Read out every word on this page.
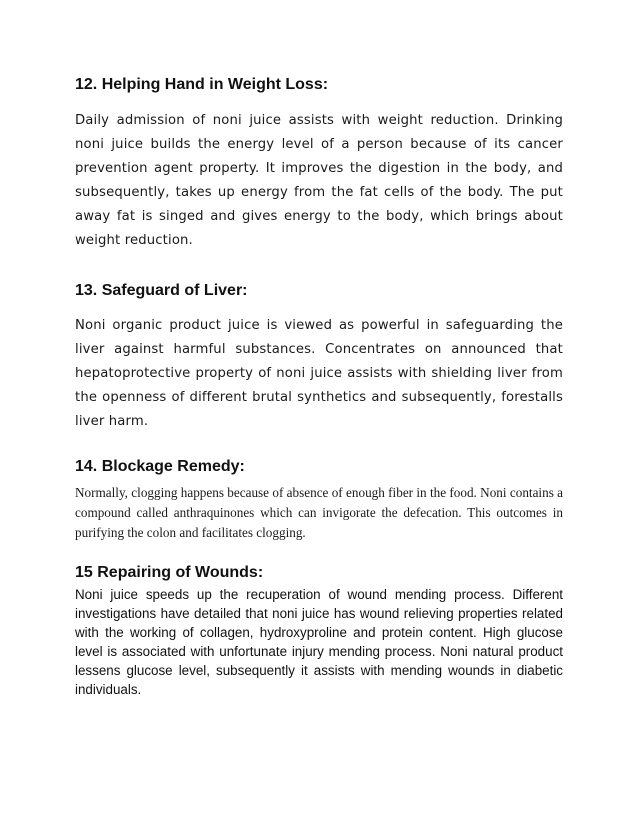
12. Helping Hand in Weight Loss:

Daily admission of noni juice assists with weight reduction. Drinking noni juice builds the energy level of a person because of its cancer prevention agent property. It improves the digestion in the body, and subsequently, takes up energy from the fat cells of the body. The put away fat is singed and gives energy to the body, which brings about weight reduction.

13. Safeguard of Liver:

Noni organic product juice is viewed as powerful in safeguarding the liver against harmful substances. Concentrates on announced that hepatoprotective property of noni juice assists with shielding liver from the openness of different brutal synthetics and subsequently, forestalls liver harm.

14. Blockage Remedy:

Normally, clogging happens because of absence of enough fiber in the food. Noni contains a compound called anthraquinones which can invigorate the defecation. This outcomes in purifying the colon and facilitates clogging.

15 Repairing of Wounds:

Noni juice speeds up the recuperation of wound mending process. Different investigations have detailed that noni juice has wound relieving properties related with the working of collagen, hydroxyproline and protein content. High glucose level is associated with unfortunate injury mending process. Noni natural product lessens glucose level, subsequently it assists with mending wounds in diabetic individuals.
